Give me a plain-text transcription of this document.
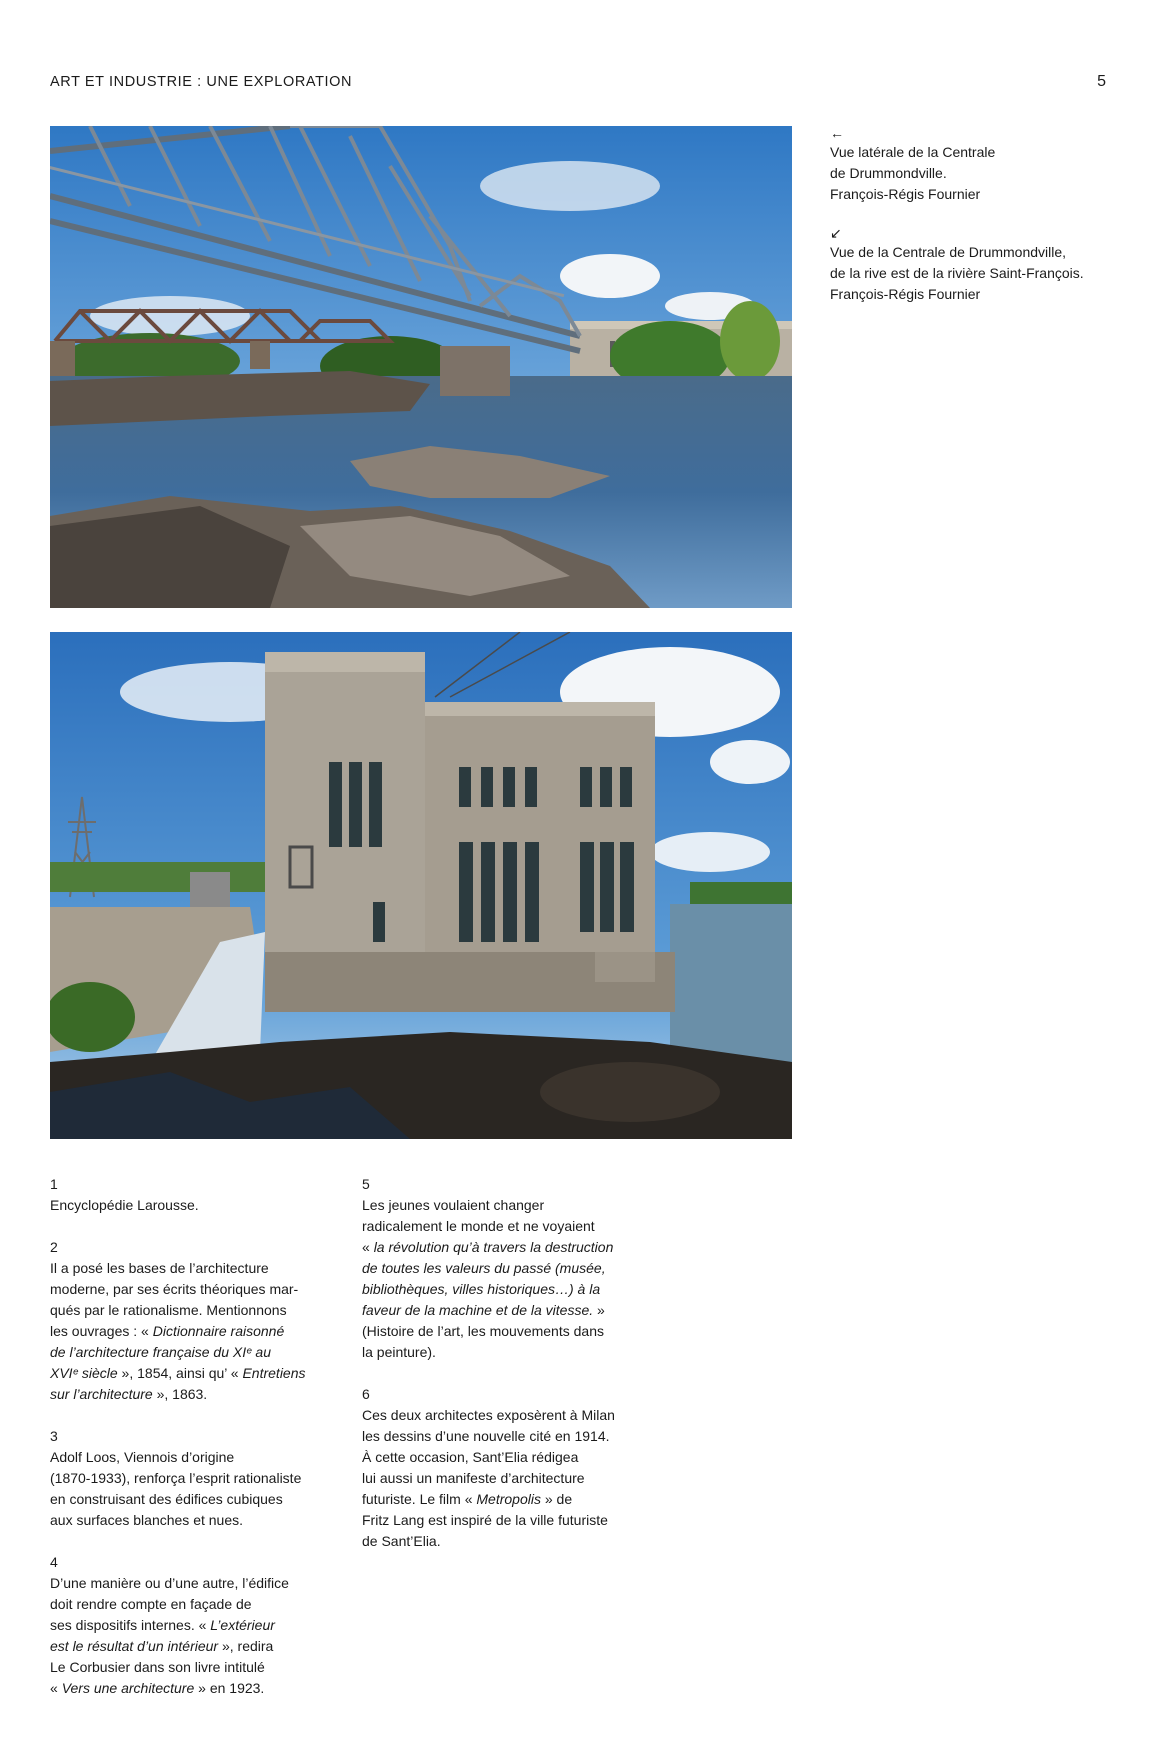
ART ET INDUSTRIE : UNE EXPLORATION	5
←
Vue latérale de la Centrale
de Drummondville.
François-Régis Fournier
↙
Vue de la Centrale de Drummondville,
de la rive est de la rivière Saint-François.
François-Régis Fournier
1
Encyclopédie Larousse.
2
Il a posé les bases de l’architecture
moderne, par ses écrits théoriques mar-
qués par le rationalisme. Mentionnons
les ouvrages : « Dictionnaire raisonné
de l’architecture française du XIᵉ au
XVIᵉ siècle », 1854, ainsi qu’ « Entretiens
sur l’architecture », 1863.
3
Adolf Loos, Viennois d’origine
(1870-1933), renforça l’esprit rationaliste
en construisant des édifices cubiques
aux surfaces blanches et nues.
4
D’une manière ou d’une autre, l’édifice
doit rendre compte en façade de
ses dispositifs internes. « L’extérieur
est le résultat d’un intérieur », redira
Le Corbusier dans son livre intitulé
« Vers une architecture » en 1923.
5
Les jeunes voulaient changer
radicalement le monde et ne voyaient
« la révolution qu’à travers la destruction
de toutes les valeurs du passé (musée,
bibliothèques, villes historiques…) à la
faveur de la machine et de la vitesse. »
(Histoire de l’art, les mouvements dans
la peinture).
6
Ces deux architectes exposèrent à Milan
les dessins d’une nouvelle cité en 1914.
À cette occasion, Sant’Elia rédigea
lui aussi un manifeste d’architecture
futuriste. Le film « Metropolis » de
Fritz Lang est inspiré de la ville futuriste
de Sant’Elia.
